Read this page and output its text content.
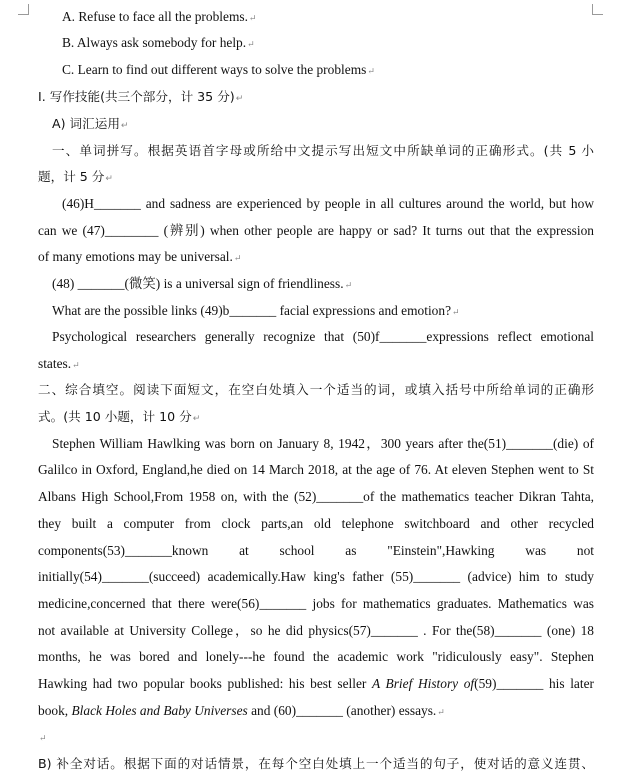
A. Refuse to face all the problems.↵
B. Always ask somebody for help.↵
C. Learn to find out different ways to solve the problems↵
I. 写作技能(共三个部分，计 35 分)↵
A) 词汇运用↵
一、单词拼写。根据英语首字母或所给中文提示写出短文中所缺单词的正确形式。(共 5 小
题，计 5 分↵
(46)H_______ and sadness are experienced by people in all cultures around the world, but how
can we (47)________ (辨别) when other people are happy or sad? It turns out that the expression
of many emotions may be universal.↵
(48) _______(微笑) is a universal sign of friendliness.↵
What are the possible links (49)b_______ facial expressions and emotion?↵
Psychological researchers generally recognize that (50)f_______expressions reflect emotional
states.↵
二、综合填空。阅读下面短文，在空白处填入一个适当的词，或填入括号中所给单词的正确形
式。(共 10 小题，计 10 分↵
Stephen William Hawlking was born on January 8, 1942，300 years after the(51)_______(die) of
Galilco in Oxford, England,he died on 14 March 2018, at the age of 76. At eleven Stephen went to St
Albans High School,From 1958 on, with the (52)_______of the mathematics teacher Dikran Tahta,
they built a computer from clock parts,an old telephone switchboard and other recycled
components(53)_______known at school as "Einstein",Hawking was not
initially(54)_______(succeed) academically.Haw king's father (55)_______ (advice) him to study
medicine,concerned that there were(56)_______ jobs for mathematics graduates. Mathematics was
not available at University College，so he did physics(57)_______ . For the(58)_______ (one) 18
months, he was bored and lonely---he found the academic work "ridiculously easy". Stephen
Hawking had two popular books published: his best seller A Brief History of(59)_______ his later
book, Black Holes and Baby Universes and (60)_______ (another) essays.↵
↵
B) 补全对话。根据下面的对话情景，在每个空白处填上一个适当的句子，使对话的意义连贯、
